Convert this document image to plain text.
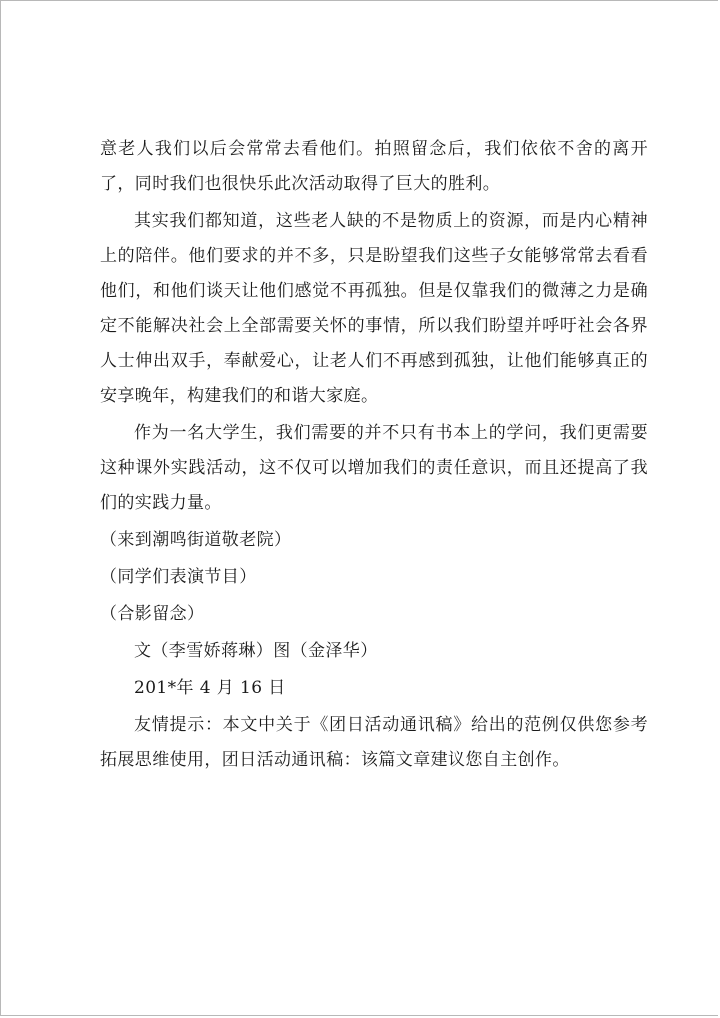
意老人我们以后会常常去看他们。拍照留念后，我们依依不舍的离开了，同时我们也很快乐此次活动取得了巨大的胜利。

其实我们都知道，这些老人缺的不是物质上的资源，而是内心精神上的陪伴。他们要求的并不多，只是盼望我们这些子女能够常常去看看他们，和他们谈天让他们感觉不再孤独。但是仅靠我们的微薄之力是确定不能解决社会上全部需要关怀的事情，所以我们盼望并呼吁社会各界人士伸出双手，奉献爱心，让老人们不再感到孤独，让他们能够真正的安享晚年，构建我们的和谐大家庭。

作为一名大学生，我们需要的并不只有书本上的学问，我们更需要这种课外实践活动，这不仅可以增加我们的责任意识，而且还提高了我们的实践力量。

（来到潮鸣街道敬老院）

（同学们表演节目）

（合影留念）

文（李雪娇蒋琳）图（金泽华）

201*年 4 月 16 日

友情提示：本文中关于《团日活动通讯稿》给出的范例仅供您参考拓展思维使用，团日活动通讯稿：该篇文章建议您自主创作。
